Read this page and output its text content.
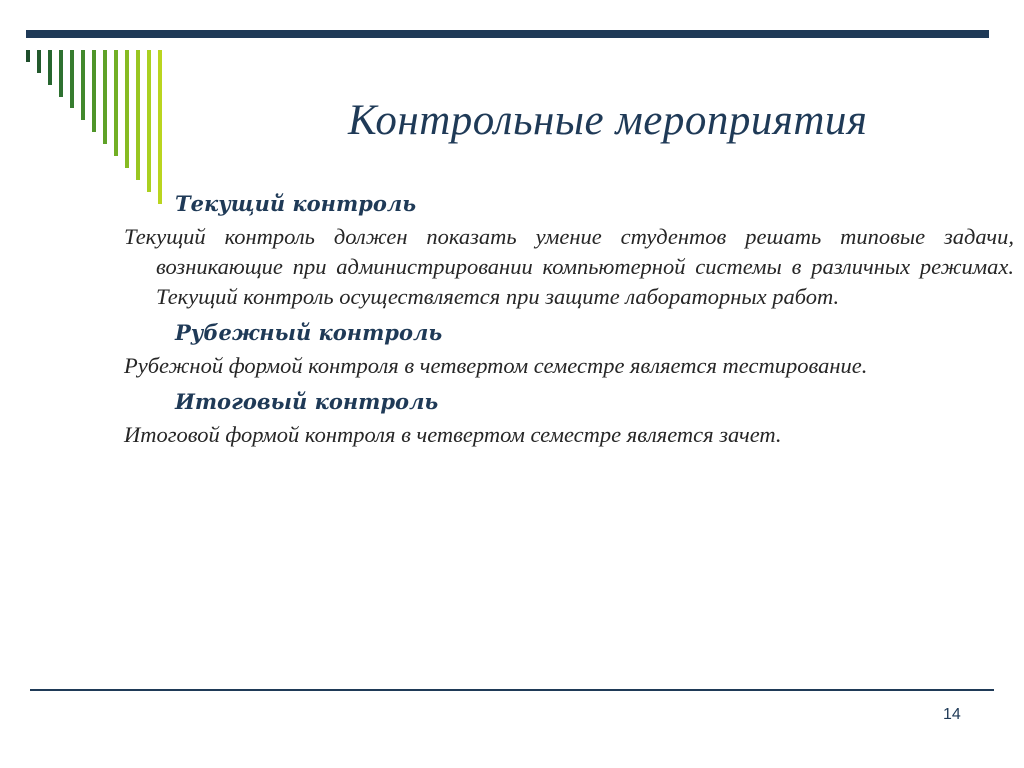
Контрольные мероприятия
Текущий контроль

Текущий контроль должен показать умение студентов решать типовые задачи, возникающие при администрировании компьютерной системы в различных режимах. Текущий контроль осуществляется при защите лабораторных работ.

Рубежный контроль

Рубежной формой контроля в четвертом семестре является тестирование.

Итоговый контроль

Итоговой формой контроля в четвертом семестре является зачет.

14
